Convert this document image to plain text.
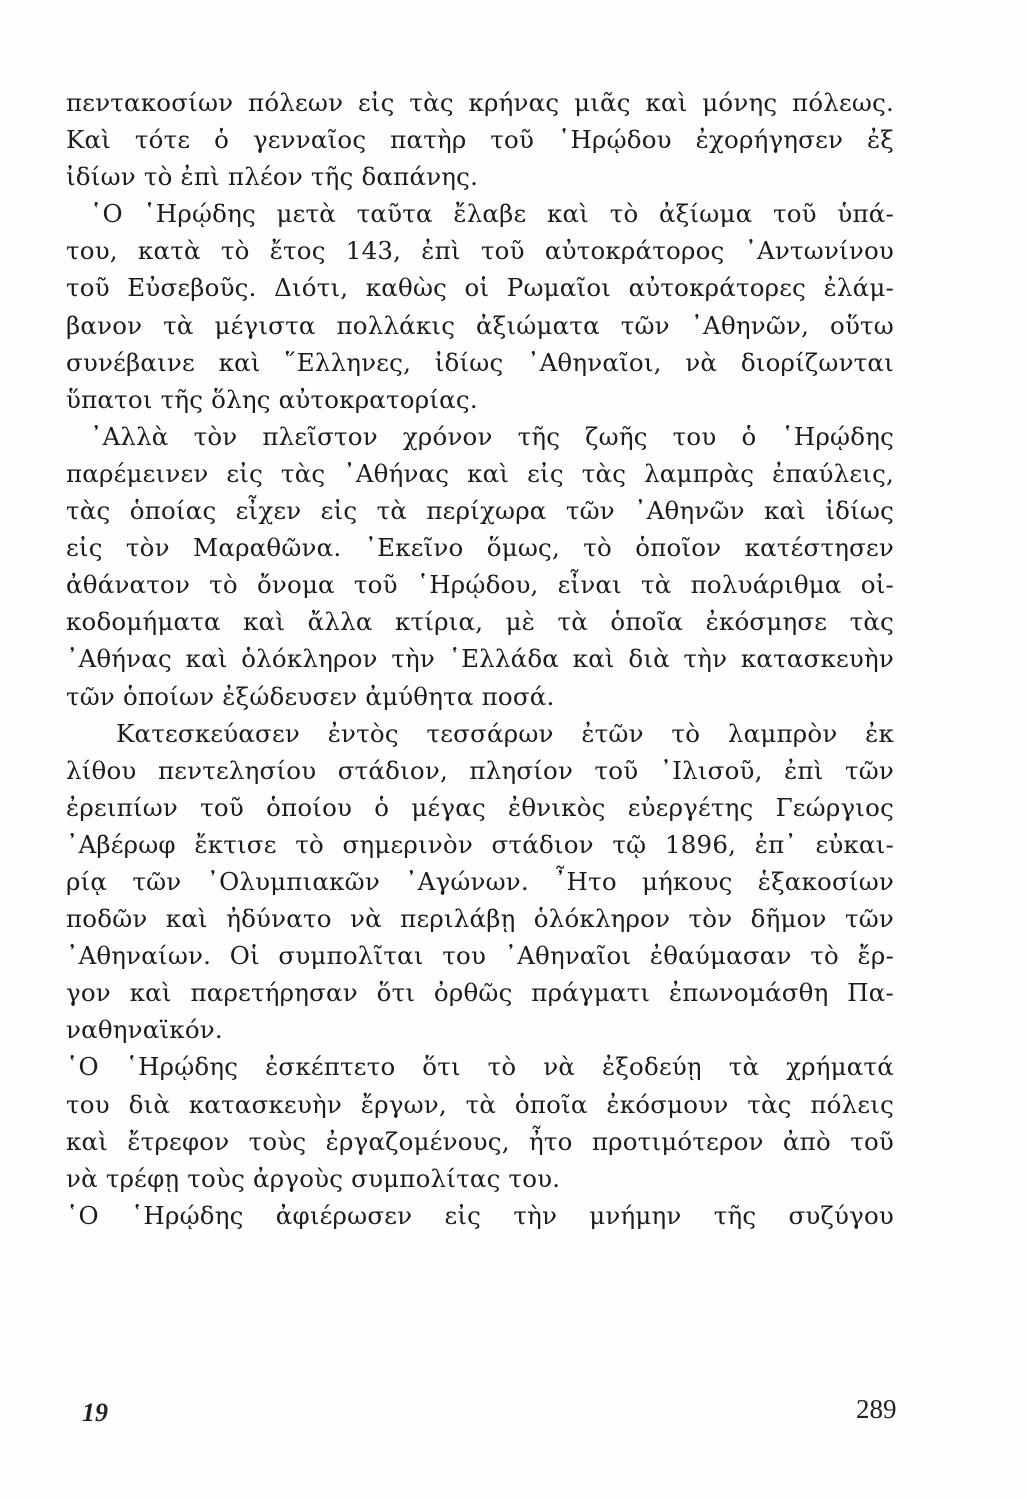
πεντακοσίων πόλεων εἰς τὰς κρήνας μιᾶς καὶ μόνης πόλεως.
Καὶ τότε ὁ γενναῖος πατὴρ τοῦ ῾Ηρῴδου ἐχορήγησεν ἐξ
ἰδίων τὸ ἐπὶ πλέον τῆς δαπάνης.
῾Ο ῾Ηρῴδης μετὰ ταῦτα ἔλαβε καὶ τὸ ἀξίωμα τοῦ ὑπά-
του, κατὰ τὸ ἔτος 143, ἐπὶ τοῦ αὐτοκράτορος ᾿Αντωνίνου
τοῦ Εὐσεβοῦς. Διότι, καθὼς οἱ Ρωμαῖοι αὐτοκράτορες ἐλάμ-
βανον τὰ μέγιστα πολλάκις ἀξιώματα τῶν ᾿Αθηνῶν, οὕτω
συνέβαινε καὶ ῞Ελληνες, ἰδίως ᾿Αθηναῖοι, νὰ διορίζωνται
ὕπατοι τῆς ὅλης αὐτοκρατορίας.
᾿Αλλὰ τὸν πλεῖστον χρόνον τῆς ζωῆς του ὁ ῾Ηρῴδης
παρέμεινεν εἰς τὰς ᾿Αθήνας καὶ εἰς τὰς λαμπρὰς ἐπαύλεις,
τὰς ὁποίας εἶχεν εἰς τὰ περίχωρα τῶν ᾿Αθηνῶν καὶ ἰδίως
εἰς τὸν Μαραθῶνα. ᾿Εκεῖνο ὅμως, τὸ ὁποῖον κατέστησεν
ἀθάνατον τὸ ὄνομα τοῦ ῾Ηρῴδου, εἶναι τὰ πολυάριθμα οἰ-
κοδομήματα καὶ ἄλλα κτίρια, μὲ τὰ ὁποῖα ἐκόσμησε τὰς
᾿Αθήνας καὶ ὁλόκληρον τὴν ῾Ελλάδα καὶ διὰ τὴν κατασκευὴν
τῶν ὁποίων ἐξώδευσεν ἀμύθητα ποσά.
Κατεσκεύασεν ἐντὸς τεσσάρων ἐτῶν τὸ λαμπρὸν ἐκ
λίθου πεντελησίου στάδιον, πλησίον τοῦ ᾿Ιλισοῦ, ἐπὶ τῶν
ἐρειπίων τοῦ ὁποίου ὁ μέγας ἐθνικὸς εὐεργέτης Γεώργιος
᾿Αβέρωφ ἔκτισε τὸ σημερινὸν στάδιον τῷ 1896, ἐπ᾿ εὐκαι-
ρίᾳ τῶν ᾿Ολυμπιακῶν ᾿Αγώνων. ῏Ητο μήκους ἑξακοσίων
ποδῶν καὶ ἠδύνατο νὰ περιλάβῃ ὁλόκληρον τὸν δῆμον τῶν
᾿Αθηναίων. Οἱ συμπολῖται του ᾿Αθηναῖοι ἐθαύμασαν τὸ ἔρ-
γον καὶ παρετήρησαν ὅτι ὀρθῶς πράγματι ἐπωνομάσθη Πα-
ναθηναϊκόν.
῾Ο ῾Ηρῴδης ἐσκέπτετο ὅτι τὸ νὰ ἐξοδεύῃ τὰ χρήματά
του διὰ κατασκευὴν ἔργων, τὰ ὁποῖα ἐκόσμουν τὰς πόλεις
καὶ ἔτρεφον τοὺς ἐργαζομένους, ἦτο προτιμότερον ἀπὸ τοῦ
νὰ τρέφῃ τοὺς ἀργοὺς συμπολίτας του.
῾Ο ῾Ηρῴδης ἀφιέρωσεν εἰς τὴν μνήμην τῆς συζύγου
19	289
